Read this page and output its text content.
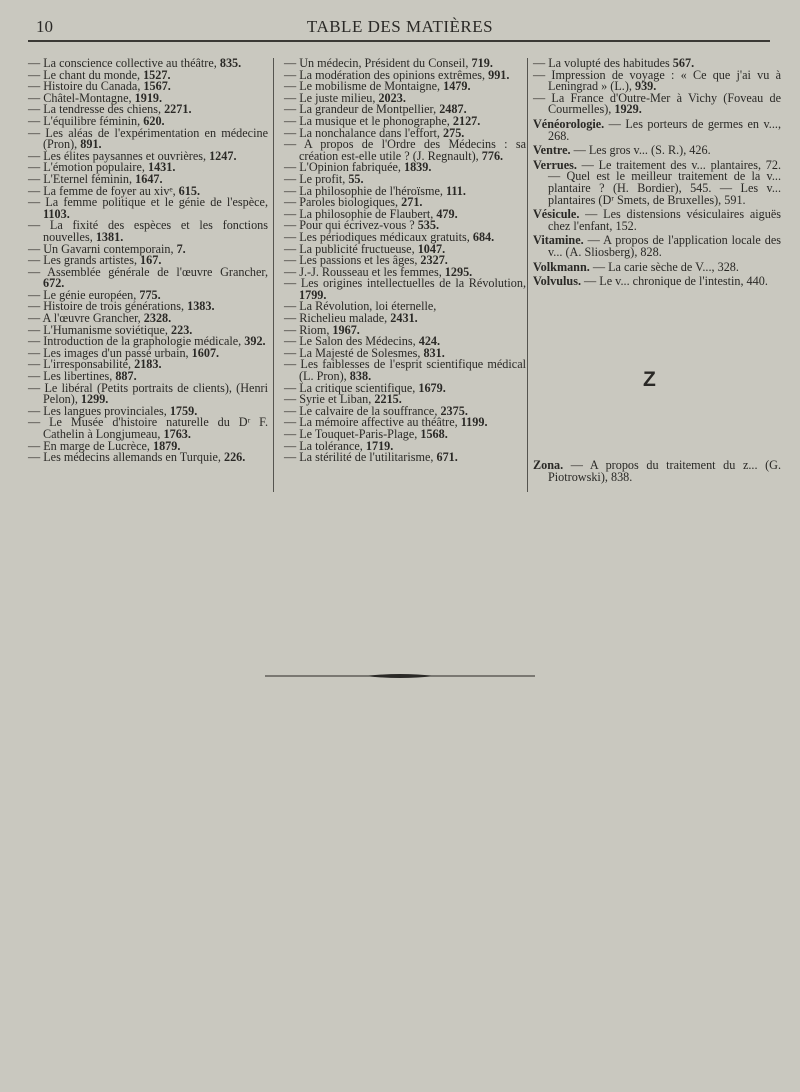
10	TABLE DES MATIÈRES

— La conscience collective au théâtre, 835.

— Le chant du monde, 1527.

— Histoire du Canada, 1567.

— Châtel-Montagne, 1919.

— La tendresse des chiens, 2271.

— L'équilibre féminin, 620.

— Les aléas de l'expérimentation en médecine (Pron), 891.

— Les élites paysannes et ouvrières, 1247.

— L'émotion populaire, 1431.

— L'Eternel féminin, 1647.

— La femme de foyer au xivᵉ, 615.

— La femme politique et le génie de l'espèce, 1103.

— La fixité des espèces et les fonctions nouvelles, 1381.

— Un Gavarni contemporain, 7.

— Les grands artistes, 167.

— Assemblée générale de l'œuvre Grancher, 672.

— Le génie européen, 775.

— Histoire de trois générations, 1383.

— A l'œuvre Grancher, 2328.

— L'Humanisme soviétique, 223.

— Introduction de la graphologie médicale, 392.

— Les images d'un passé urbain, 1607.

— L'irresponsabilité, 2183.

— Les libertines, 887.

— Le libéral (Petits portraits de clients), (Henri Pelon), 1299.

— Les langues provinciales, 1759.

— Le Musée d'histoire naturelle du Dʳ F. Cathelin à Longjumeau, 1763.

— En marge de Lucrèce, 1879.

— Les médecins allemands en Turquie, 226.

— Un médecin, Président du Conseil, 719.

— La modération des opinions extrêmes, 991.

— Le mobilisme de Montaigne, 1479.

— Le juste milieu, 2023.

— La grandeur de Montpellier, 2487.

— La musique et le phonographe, 2127.

— La nonchalance dans l'effort, 275.

— A propos de l'Ordre des Médecins : sa création est-elle utile ? (J. Regnault), 776.

— L'Opinion fabriquée, 1839.

— Le profit, 55.

— La philosophie de l'héroïsme, 111.

— Paroles biologiques, 271.

— La philosophie de Flaubert, 479.

— Pour qui écrivez-vous ? 535.

— Les périodiques médicaux gratuits, 684.

— La publicité fructueuse, 1047.

— Les passions et les âges, 2327.

— J.-J. Rousseau et les femmes, 1295.

— Les origines intellectuelles de la Révolution, 1799.

— La Révolution, loi éternelle,

— Richelieu malade, 2431.

— Riom, 1967.

— Le Salon des Médecins, 424.

— La Majesté de Solesmes, 831.

— Les faiblesses de l'esprit scientifique médical (L. Pron), 838.

— La critique scientifique, 1679.

— Syrie et Liban, 2215.

— Le calvaire de la souffrance, 2375.

— La mémoire affective au théâtre, 1199.

— Le Touquet-Paris-Plage, 1568.

— La tolérance, 1719.

— La stérilité de l'utilitarisme, 671.

— La volupté des habitudes 567.

— Impression de voyage : « Ce que j'ai vu à Leningrad » (L.), 939.

— La France d'Outre-Mer à Vichy (Foveau de Courmelles), 1929.

Vénéorologie. — Les porteurs de germes en v..., 268.

Ventre. — Les gros v... (S. R.), 426.

Verrues. — Le traitement des v... plantaires, 72. — Quel est le meilleur traitement de la v... plantaire ? (H. Bordier), 545. — Les v... plantaires (Dʳ Smets, de Bruxelles), 591.

Vésicule. — Les distensions vésiculaires aiguës chez l'enfant, 152.

Vitamine. — A propos de l'application locale des v... (A. Sliosberg), 828.

Volkmann. — La carie sèche de V..., 328.

Volvulus. — Le v... chronique de l'intestin, 440.

Z

Zona. — A propos du traitement du z... (G. Piotrowski), 838.
